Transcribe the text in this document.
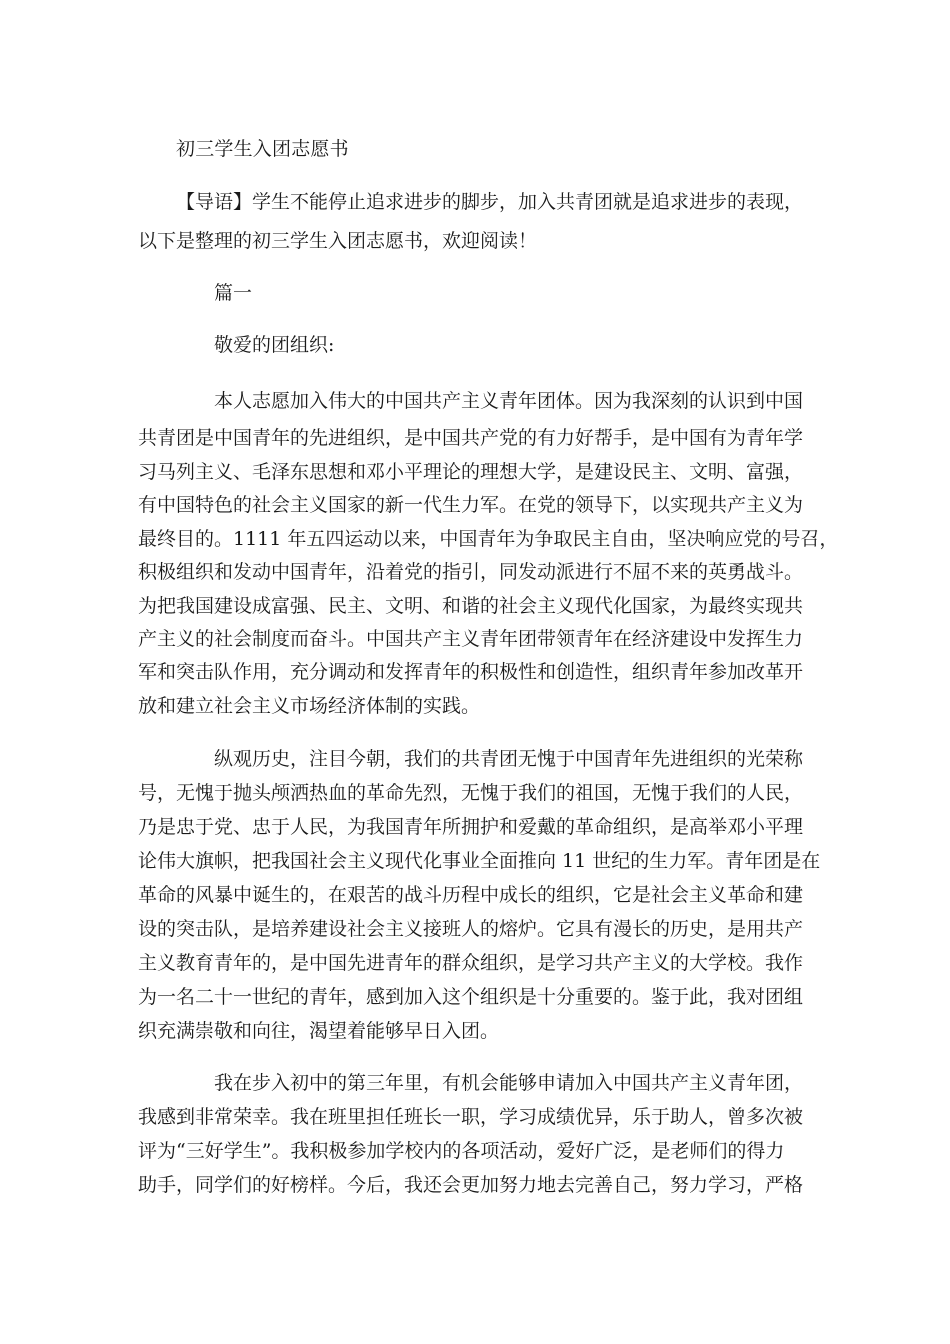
初三学生入团志愿书
【导语】学生不能停止追求进步的脚步，加入共青团就是追求进步的表现，
以下是整理的初三学生入团志愿书，欢迎阅读！
篇一
敬爱的团组织:
本人志愿加入伟大的中国共产主义青年团体。因为我深刻的认识到中国
共青团是中国青年的先进组织，是中国共产党的有力好帮手，是中国有为青年学
习马列主义、毛泽东思想和邓小平理论的理想大学，是建设民主、文明、富强，
有中国特色的社会主义国家的新一代生力军。在党的领导下，以实现共产主义为
最终目的。1111 年五四运动以来，中国青年为争取民主自由，坚决响应党的号召，
积极组织和发动中国青年，沿着党的指引，同发动派进行不屈不来的英勇战斗。
为把我国建设成富强、民主、文明、和谐的社会主义现代化国家，为最终实现共
产主义的社会制度而奋斗。中国共产主义青年团带领青年在经济建设中发挥生力
军和突击队作用，充分调动和发挥青年的积极性和创造性，组织青年参加改革开
放和建立社会主义市场经济体制的实践。
纵观历史，注目今朝，我们的共青团无愧于中国青年先进组织的光荣称
号，无愧于抛头颅洒热血的革命先烈，无愧于我们的祖国，无愧于我们的人民，
乃是忠于党、忠于人民，为我国青年所拥护和爱戴的革命组织，是高举邓小平理
论伟大旗帜，把我国社会主义现代化事业全面推向 11 世纪的生力军。青年团是在
革命的风暴中诞生的，在艰苦的战斗历程中成长的组织，它是社会主义革命和建
设的突击队，是培养建设社会主义接班人的熔炉。它具有漫长的历史，是用共产
主义教育青年的，是中国先进青年的群众组织，是学习共产主义的大学校。我作
为一名二十一世纪的青年，感到加入这个组织是十分重要的。鉴于此，我对团组
织充满崇敬和向往，渴望着能够早日入团。
我在步入初中的第三年里，有机会能够申请加入中国共产主义青年团，
我感到非常荣幸。我在班里担任班长一职，学习成绩优异，乐于助人，曾多次被
评为“三好学生”。我积极参加学校内的各项活动，爱好广泛，是老师们的得力
助手，同学们的好榜样。今后，我还会更加努力地去完善自己，努力学习，严格
